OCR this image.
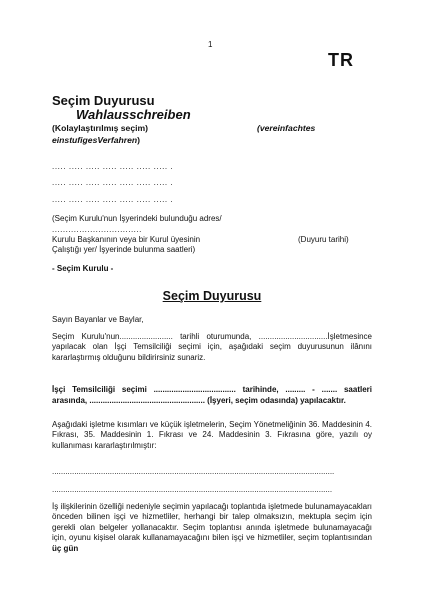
1
TR
Seçim Duyurusu
Wahlausschreiben
(Kolaylaştırılmış seçim)	(vereinfachtes

einstufigesVerfahren)
..... ..... ..... ..... ..... ..... ..... .
..... ..... ..... ..... ..... ..... ..... .
..... ..... ..... ..... ..... ..... ..... .
(Seçim Kurulu'nun İşyerindeki bulunduğu adres/
.................................
Kurulu Başkanının veya bir Kurul üyesinin	(Duyuru tarihi)
Çalıştığı yer/ İşyerinde bulunma saatleri)
- Seçim Kurulu -
Seçim Duyurusu
Sayın Bayanlar ve Baylar,
Seçim Kurulu'nun........................ tarihli oturumunda, ...............................İşletmesince yapılacak olan İşçi Temsilciliği seçimi için, aşağıdaki seçim duyurusunun ilânını kararlaştırmış olduğunu bildirirsiniz sunariz.
İşçi Temsilciliği seçimi ..................................... tarihinde, ......... - ....... saatleri arasında, .................................................... (İşyeri, seçim odasında) yapılacaktır.
Aşağıdaki işletme kısımları ve küçük işletmelerin, Seçim Yönetmeliğinin 36. Maddesinin 4. Fıkrası, 35. Maddesinin 1. Fıkrası ve 24. Maddesinin 3. Fıkrasına göre, yazılı oy kullanıması kararlaştırılmıştır:
...............................................................................................................................
..............................................................................................................................
İş ilişkilerinin özelliği nedeniyle seçimin yapılacağı toplantıda işletmede bulunamayacakları önceden bilinen işçi ve hizmetliler, herhangi bir talep olmaksızın, mektupla seçim için gerekli olan belgeler yollanacaktır. Seçim toplantısı anında işletmede bulunamayacağı için, oyunu kişisel olarak kullanamayacağını bilen işçi ve hizmetliler, seçim toplantısından üç gün
